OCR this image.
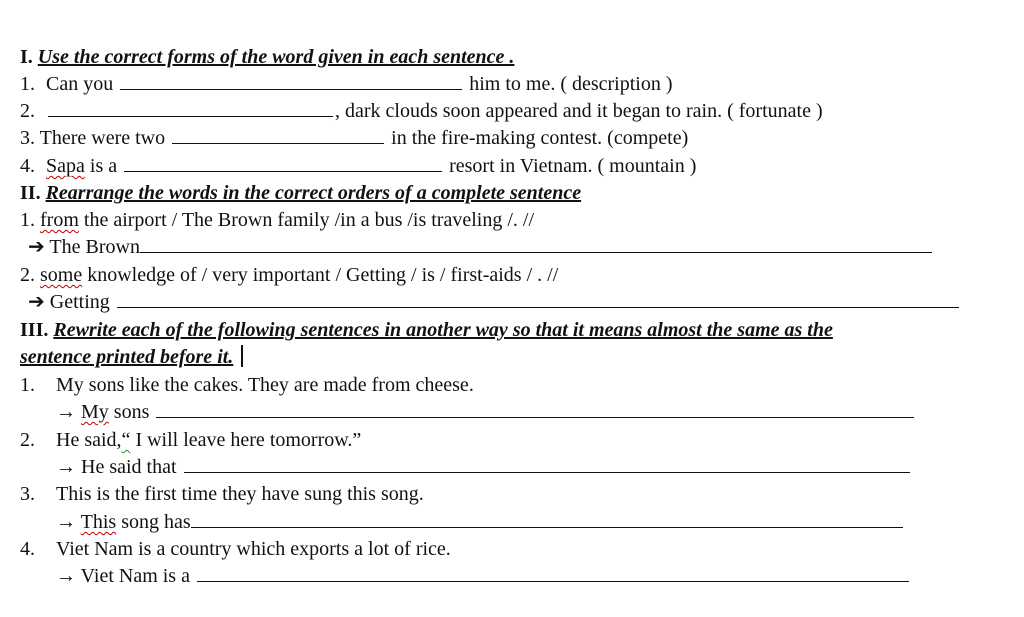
I. Use the correct forms of the word given in each sentence .
1. Can you	him to me. ( description )
2.	, dark clouds soon appeared and it began to rain. ( fortunate )
3. There were two	in the fire-making contest. (compete)
4. Sapa is a	resort in Vietnam. ( mountain )
II. Rearrange the words in the correct orders of a complete sentence
1. from the airport / The Brown family /in a bus /is traveling /. //
➔ The Brown
2. some knowledge of / very important / Getting / is / first-aids / . //
➔ Getting
III. Rewrite each of the following sentences in another way so that it means almost the same as the
sentence printed before it.
1. My sons like the cakes. They are made from cheese.
→ My sons
2. He said,“ I will leave here tomorrow.”
→ He said that
3. This is the first time they have sung this song.
→ This song has
4. Viet Nam is a country which exports a lot of rice.
→ Viet Nam is a
